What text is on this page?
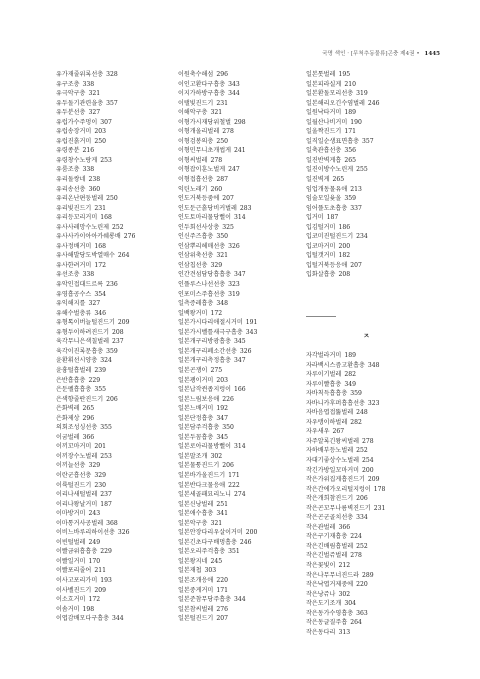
국명 색인 · [무척추동물류]곤충 제4권 • 1445
유가재줄위록선충 328
유구조충 338
유극악구충 321
유두돌기관련을충 357
유두분선충 327
유럽가수주멍이 307
유럽송장거미 203
유럽진흙거미 250
유령종분 216
유령창수노랑게 253
유룸조충 338
유리돌쌍네 238
유리송선충 360
유리온난편둥벌레 250
유리빛진드기 231
유리등꼬리거미 168
유사사레망수노린제 252
유사사카이아아카쉐롱배 276
유사정배거미 168
유사해발당도박열매수 264
유사한려거미 172
유선조충 338
유악인접대드르륵 236
유영흡공수스 354
유익해지를 327
유해수벌충류 346
유형톡이버늘털진드기 209
유형두이하려진드기 208
육각무니은색칠벌레 237
육각이진록문흡충 359
윤환휘선시양충 324
윤흉털흡벌레 239
은반흡흡충 229
은둔펠흡흡충 355
은색향줄딴진드기 206
은화벽레 265
은화제상 296
의회조성싱선충 355
이굼벌레 366
이끼꼬마거미 201
이끼장수노벌레 253
이끼늘선충 329
이란군흡선충 329
이륙털진드기 230
이리나새털벌레 237
이리나왕날거미 187
이마방거미 243
이마통거사공벌레 368
이비느바루리하이선충 326
이빈털벌레 249
이빨금위흡흡충 229
이빨일거미 170
이빨포리줄어 211
이사고포리가미 193
이사벨진드기 209
이소흐거미 172
이솜거미 198
이엽감배모다구흡충 344
이원축수해섬 296
이인고환다구흡충 343
이지가하방구흡충 344
이탤빛진드기 231
이해악구충 321
이형가시재당위철벌 298
이형개올리벌레 278
이형검봉의충 250
이형민무니초개썹게 241
이형씨벌레 278
이형잡이훈노벌게 247
이형접흡선충 287
익틴노래기 260
인도거북등줌에 207
인도둔근흙당비커벌레 283
인도토마리물당뻘이 314
인두회선사상충 325
인신주즈흡충 350
인삼뿌리헤매선충 326
인삼위축선충 321
인삼칩선충 329
인간견섬담당흡흡충 347
인플루스나선선충 323
인포미스주흡선충 319
일측증레흡충 348
일백왕거미 172
일본가시다리애절시거미 191
일본가시벨틀새극구흡충 343
일본개구리방광흡충 345
일본개구리폐소간선충 326
일본개구리측정흡충 347
일본곤쟁이 275
일본괭이거미 203
일본납작쥔좁지렁이 166
일본느림보응애 226
일본느배거미 192
일본단정흡충 347
일본담주걱흡충 350
일본두꼼흡충 345
일본로아리물방뻘이 314
일본말조개 302
일본물퉁진드기 206
일본바가올진드기 171
일본반다크물응애 222
일본세골패묘리노니 274
일본신낭벌레 251
일본애수흡충 341
일본악구충 321
일본안장다리우살이거미 200
일본긴초다구배멍흡충 246
일본오리주걱흡충 351
일본왕지네 245
일본재첩 303
일본조개응애 220
일본중게거미 171
일본준참무당주흡충 344
일본참씨벌레 276
일본털진드기 207
일본톳벌레 195
일본피라실게 210
일본환돌모리선충 319
일본해리오긴수염벌레 246
일원낙타거미 189
일월산나비거미 190
일울짝진드기 171
일직일순생표면흡충 357
일축관흡선충 356
일진반벽게흡 265
일진이방수노린게 255
일진벽게 265
임업개동물유애 213
임술모일윷올 359
임어플도초흡충 337
입거미 187
입김털거미 186
입코미진털진드기 234
입코마거미 200
입털갯거미 182
입털거북등응애 207
입화살흡충 208
ㅈ
자각벌라거미 189
자라백시스즘고환흡충 348
자루이기벌레 282
자루이빨흡충 349
자바칙득흡흡충 359
자바니카후퍼흡흡선충 323
자바음엽접뚫벌레 248
자우탱이하벌레 282
자우새우 267
자주알록긴왕씨벌레 278
자하배부등노벌레 252
자대기좋상수노벌레 254
작긴가방일꼬마거미 200
작은가위집게흡진드기 209
작은간에가오리털지렁이 178
작은개희참진드기 206
작은곤꼬무나름벽진드기 231
작은곤군골치선충 334
작은관벌레 366
작은구기재흡충 224
작은긴배림흡벌레 252
작은긴벌쥬벌레 278
작은꽃빛이 212
작은나무무너진드라 289
작은낙엽거제중에 220
작은낭쥬나 302
작은도기조개 304
작은동가수영흡충 363
작은동글질주흡 264
작은동다리 313
